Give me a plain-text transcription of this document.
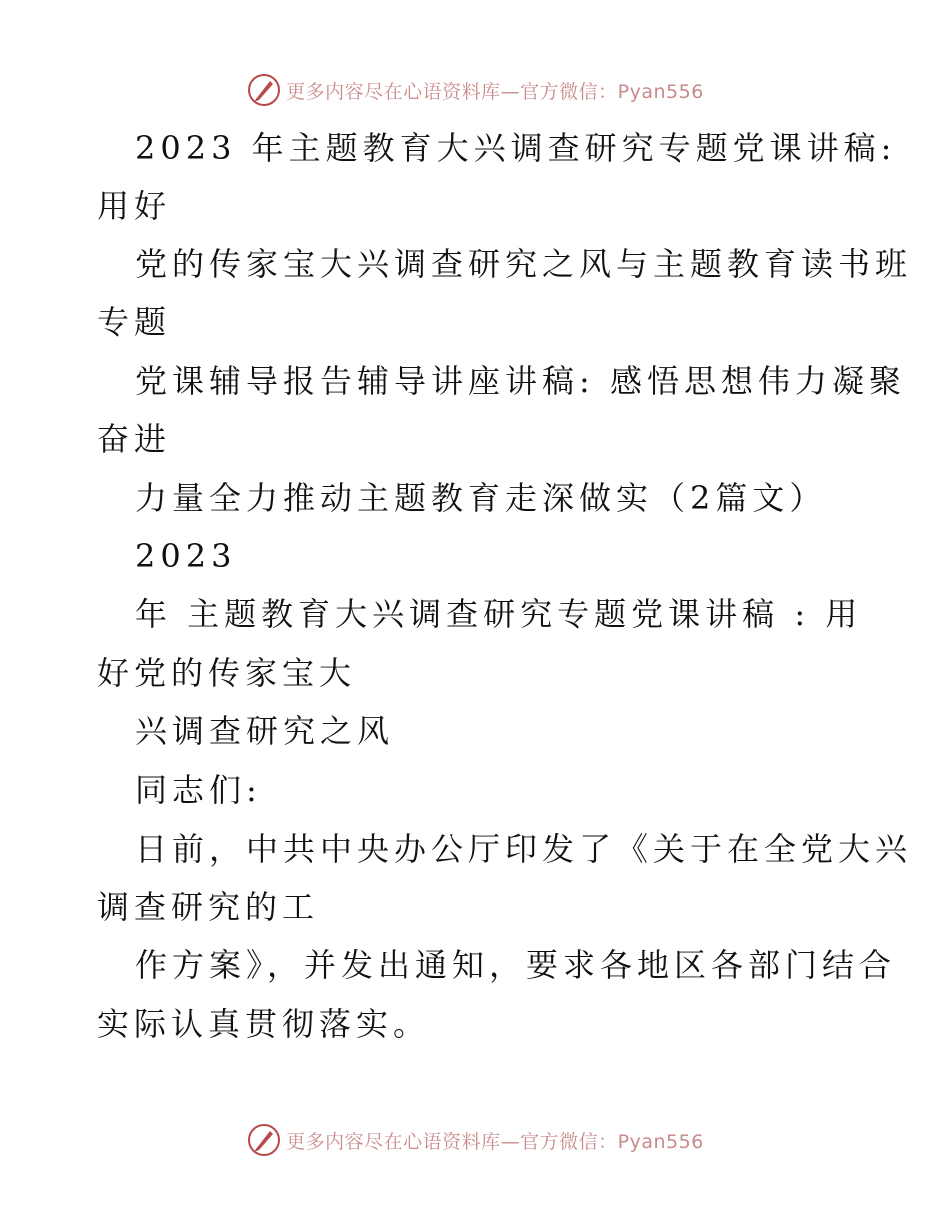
更多内容尽在心语资料库—官方微信：Pyan556
2023 年主题教育大兴调查研究专题党课讲稿:
用好
党的传家宝大兴调查研究之风与主题教育读书班
专题
党课辅导报告辅导讲座讲稿: 感悟思想伟力凝聚
奋进
力量全力推动主题教育走深做实（2篇文）
2023
年 主题教育大兴调查研究专题党课讲稿 : 用
好党的传家宝大
兴调查研究之风
同志们:
日前，中共中央办公厅印发了《关于在全党大兴
调查研究的工
作方案》，并发出通知，要求各地区各部门结合
实际认真贯彻落实。
更多内容尽在心语资料库—官方微信：Pyan556
